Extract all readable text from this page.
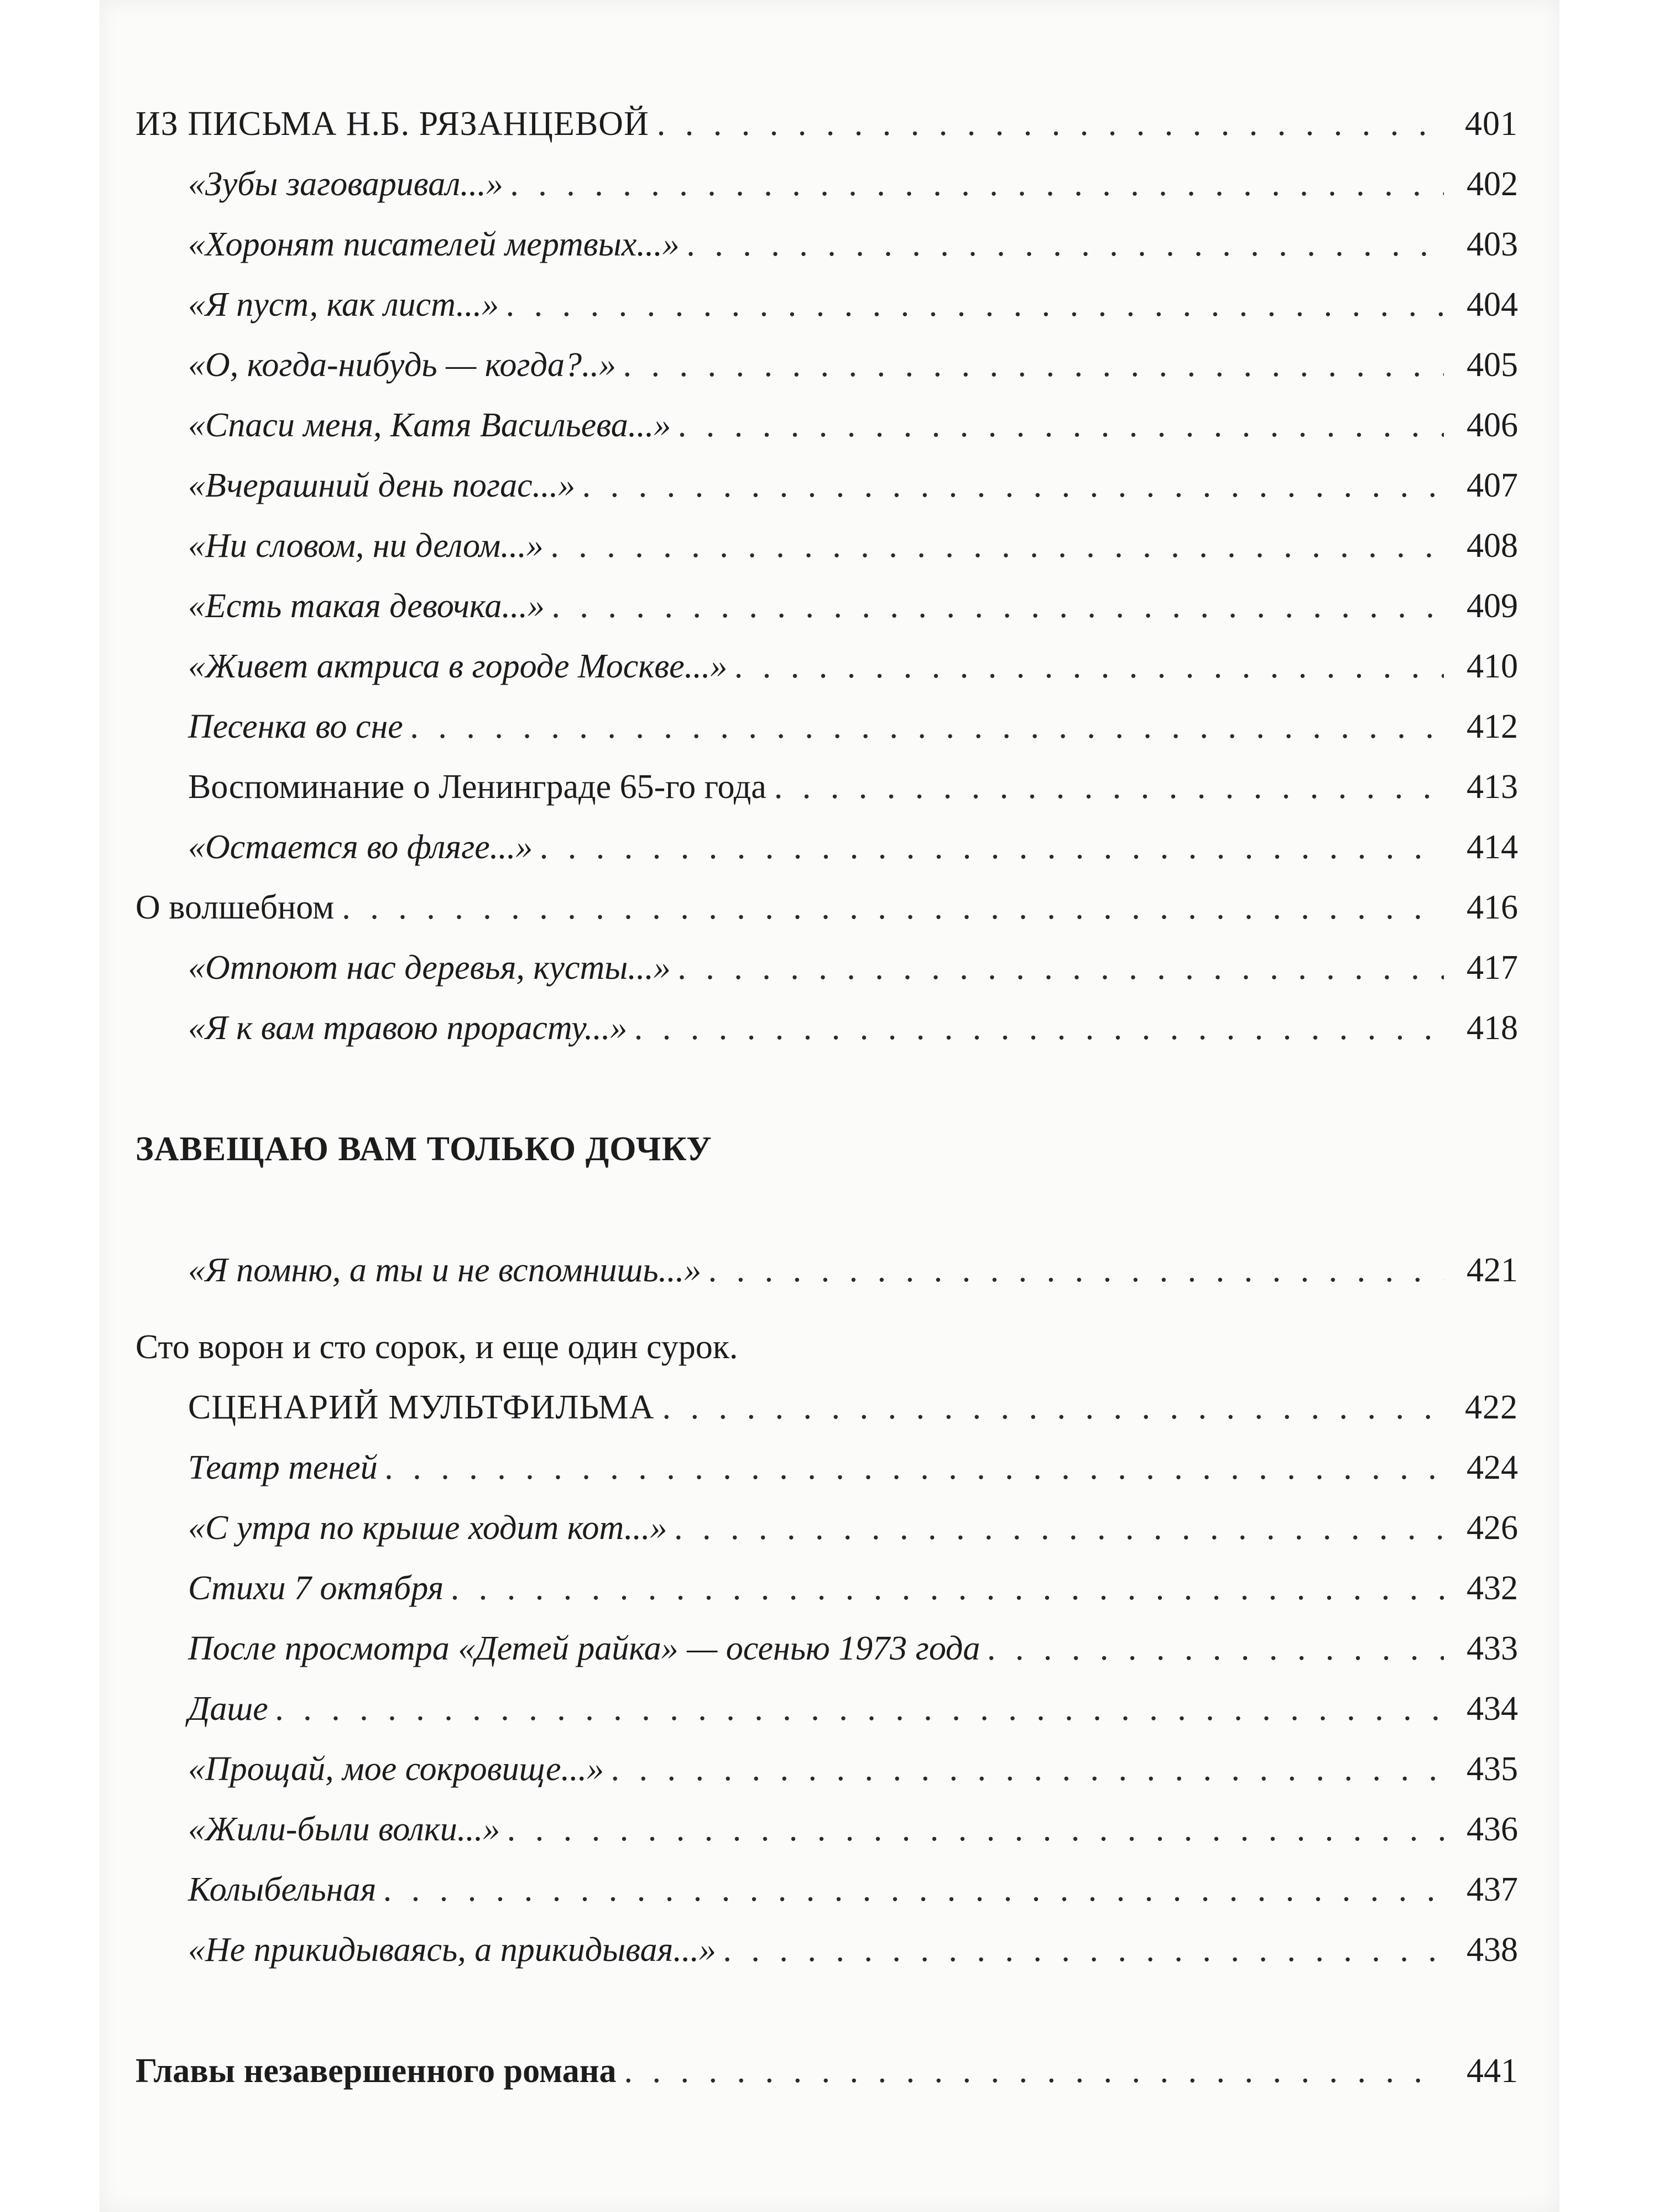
ИЗ ПИСЬМА Н.Б. РЯЗАНЦЕВОЙ . . .	401
«Зубы заговаривал...» . . .	402
«Хоронят писателей мертвых...» . . .	403
«Я пуст, как лист...» . . .	404
«О, когда-нибудь — когда?..» . . .	405
«Спаси меня, Катя Васильева...» . . .	406
«Вчерашний день погас...» . . .	407
«Ни словом, ни делом...» . . .	408
«Есть такая девочка...» . . .	409
«Живет актриса в городе Москве...» . . .	410
Песенка во сне . . .	412
Воспоминание о Ленинграде 65-го года . . .	413
«Остается во фляге...» . . .	414
О волшебном . . .	416
«Отпоют нас деревья, кусты...» . . .	417
«Я к вам травою прорасту...» . . .	418
ЗАВЕЩАЮ ВАМ ТОЛЬКО ДОЧКУ
«Я помню, а ты и не вспомнишь...» . . .	421
Сто ворон и сто сорок, и еще один сурок.
СЦЕНАРИЙ МУЛЬТФИЛЬМА . . .	422
Театр теней . . .	424
«С утра по крыше ходит кот...» . . .	426
Стихи 7 октября . . .	432
После просмотра «Детей райка» — осенью 1973 года . . .	433
Даше . . .	434
«Прощай, мое сокровище...» . . .	435
«Жили-были волки...» . . .	436
Колыбельная . . .	437
«Не прикидываясь, а прикидывая...» . . .	438
Главы незавершенного романа . . .	441
